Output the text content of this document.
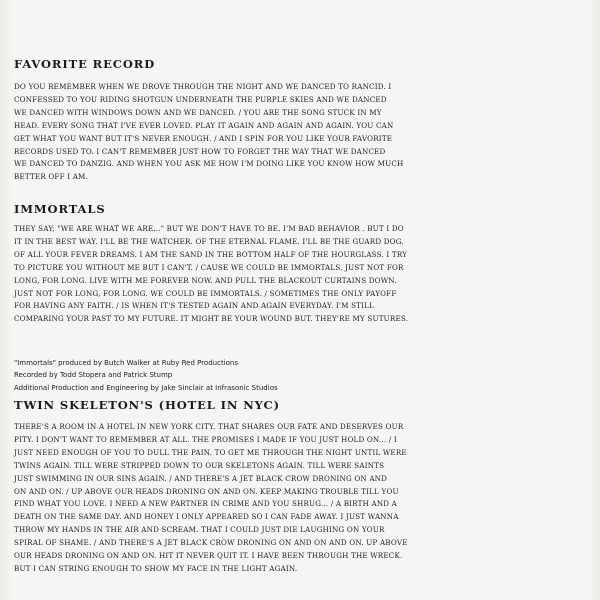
FAVORITE RECORD
DO YOU REMEMBER WHEN WE DROVE THROUGH THE NIGHT AND WE DANCED TO RANCID. I
CONFESSED TO YOU RIDING SHOTGUN UNDERNEATH THE PURPLE SKIES AND WE DANCED
WE DANCED WITH WINDOWS DOWN AND WE DANCED. / YOU ARE THE SONG STUCK IN MY
HEAD. EVERY SONG THAT I'VE EVER LOVED. PLAY IT AGAIN AND AGAIN AND AGAIN. YOU CAN
GET WHAT YOU WANT BUT IT'S NEVER ENOUGH. / AND I SPIN FOR YOU LIKE YOUR FAVORITE
RECORDS USED TO. I CAN'T REMEMBER JUST HOW TO FORGET THE WAY THAT WE DANCED
WE DANCED TO DANZIG. AND WHEN YOU ASK ME HOW I'M DOING LIKE YOU KNOW HOW MUCH
BETTER OFF I AM.
IMMORTALS
THEY SAY; "WE ARE WHAT WE ARE..." BUT WE DON'T HAVE TO BE. I'M BAD BEHAVIOR . BUT I DO
IT IN THE BEST WAY. I'LL BE THE WATCHER. OF THE ETERNAL FLAME. I'LL BE THE GUARD DOG.
OF ALL YOUR FEVER DREAMS. I AM THE SAND IN THE BOTTOM HALF OF THE HOURGLASS. I TRY
TO PICTURE YOU WITHOUT ME BUT I CAN'T. / CAUSE WE COULD BE IMMORTALS. JUST NOT FOR
LONG, FOR LONG. LIVE WITH ME FOREVER NOW. AND PULL THE BLACKOUT CURTAINS DOWN.
JUST NOT FOR LONG, FOR LONG. WE COULD BE IMMORTALS. / SOMETIMES THE ONLY PAYOFF
FOR HAVING ANY FAITH. / IS WHEN IT'S TESTED AGAIN AND AGAIN EVERYDAY. I'M STILL
COMPARING YOUR PAST TO MY FUTURE. IT MIGHT BE YOUR WOUND BUT. THEY'RE MY SUTURES.
"Immortals" produced by Butch Walker at Ruby Red Productions
Recorded by Todd Stopera and Patrick Stump
Additional Production and Engineering by Jake Sinclair at Infrasonic Studios
TWIN SKELETON'S (HOTEL IN NYC)
THERE'S A ROOM IN A HOTEL IN NEW YORK CITY. THAT SHARES OUR FATE AND DESERVES OUR
PITY. I DON'T WANT TO REMEMBER AT ALL. THE PROMISES I MADE IF YOU JUST HOLD ON... / I
JUST NEED ENOUGH OF YOU TO DULL THE PAIN. TO GET ME THROUGH THE NIGHT UNTIL WERE
TWINS AGAIN. TILL WERE STRIPPED DOWN TO OUR SKELETONS AGAIN. TILL WERE SAINTS
JUST SWIMMING IN OUR SINS AGAIN. / AND THERE'S A JET BLACK CROW DRONING ON AND
ON AND ON. / UP ABOVE OUR HEADS DRONING ON AND ON. KEEP MAKING TROUBLE TILL YOU
FIND WHAT YOU LOVE. I NEED A NEW PARTNER IN CRIME AND YOU SHRUG... / A BIRTH AND A
DEATH ON THE SAME DAY. AND HONEY I ONLY APPEARED SO I CAN FADE AWAY. I JUST WANNA
THROW MY HANDS IN THE AIR AND SCREAM. THAT I COULD JUST DIE LAUGHING ON YOUR
SPIRAL OF SHAME. / AND THERE'S A JET BLACK CROW DRONING ON AND ON AND ON. UP ABOVE
OUR HEADS DRONING ON AND ON. HIT IT NEVER QUIT IT. I HAVE BEEN THROUGH THE WRECK.
BUT I CAN STRING ENOUGH TO SHOW MY FACE IN THE LIGHT AGAIN.
